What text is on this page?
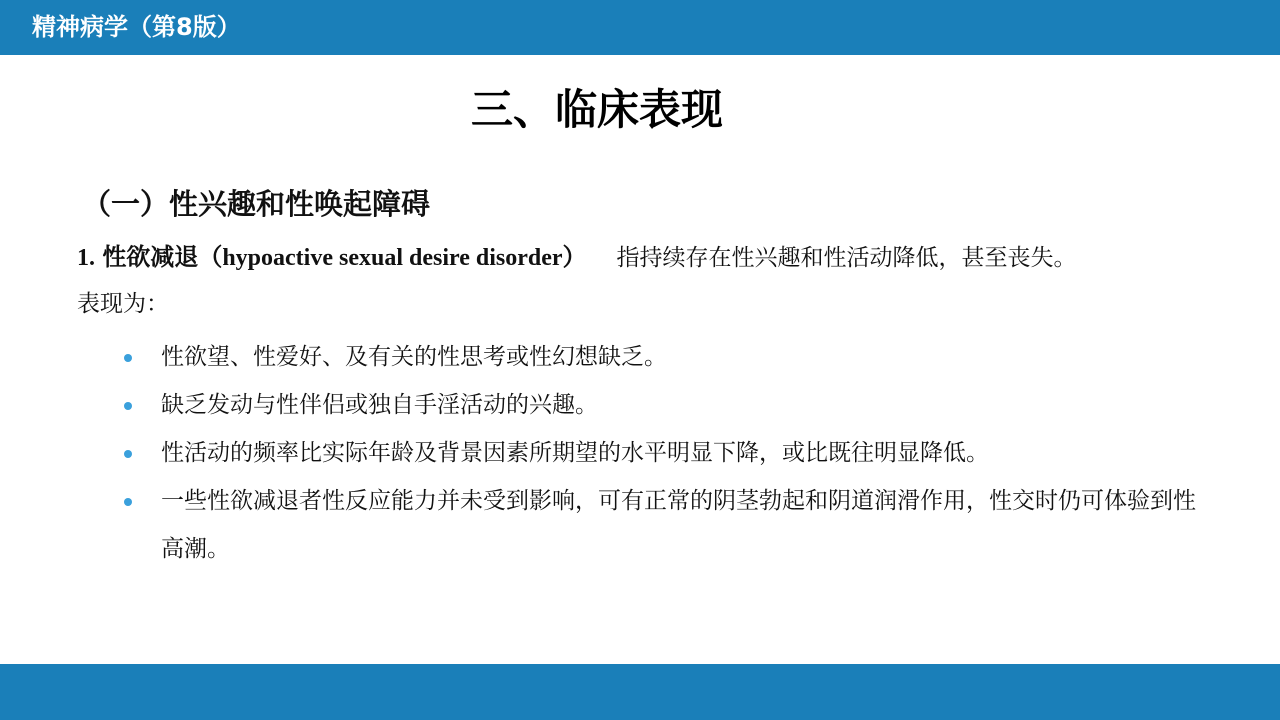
精神病学（第8版）
三、临床表现
（一）性兴趣和性唤起障碍
1. 性欲减退（hypoactive sexual desire disorder） 指持续存在性兴趣和性活动降低，甚至丧失。
表现为：
性欲望、性爱好、及有关的性思考或性幻想缺乏。
缺乏发动与性伴侣或独自手淫活动的兴趣。
性活动的频率比实际年龄及背景因素所期望的水平明显下降，或比既往明显降低。
一些性欲减退者性反应能力并未受到影响，可有正常的阴茎勃起和阴道润滑作用，性交时仍可体验到性高潮。
